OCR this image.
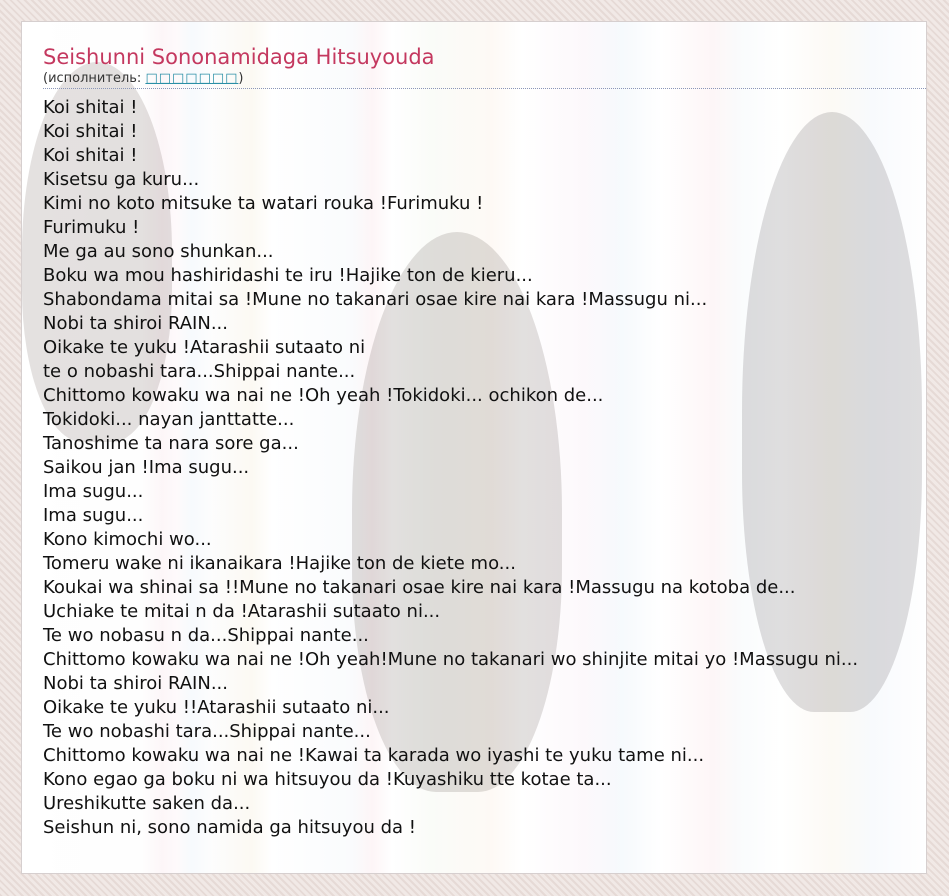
Seishunni Sononamidaga Hitsuyouda
(исполнитель: □□□□□□□)
Koi shitai !
Koi shitai !
Koi shitai !
Kisetsu ga kuru...
Kimi no koto mitsuke ta watari rouka !Furimuku !
Furimuku !
Me ga au sono shunkan...
Boku wa mou hashiridashi te iru !Hajike ton de kieru...
Shabondama mitai sa !Mune no takanari osae kire nai kara !Massugu ni...
Nobi ta shiroi RAIN...
Oikake te yuku !Atarashii sutaato ni
te o nobashi tara...Shippai nante...
Chittomo kowaku wa nai ne !Oh yeah !Tokidoki... ochikon de...
Tokidoki... nayan janttatte...
Tanoshime ta nara sore ga...
Saikou jan !Ima sugu...
Ima sugu...
Ima sugu...
Kono kimochi wo...
Tomeru wake ni ikanaikara !Hajike ton de kiete mo...
Koukai wa shinai sa !!Mune no takanari osae kire nai kara !Massugu na kotoba de...
Uchiake te mitai n da !Atarashii sutaato ni...
Te wo nobasu n da...Shippai nante...
Chittomo kowaku wa nai ne !Oh yeah!Mune no takanari wo shinjite mitai yo !Massugu ni...
Nobi ta shiroi RAIN...
Oikake te yuku !!Atarashii sutaato ni...
Te wo nobashi tara...Shippai nante...
Chittomo kowaku wa nai ne !Kawai ta karada wo iyashi te yuku tame ni...
Kono egao ga boku ni wa hitsuyou da !Kuyashiku tte kotae ta...
Ureshikutte saken da...
Seishun ni, sono namida ga hitsuyou da !
